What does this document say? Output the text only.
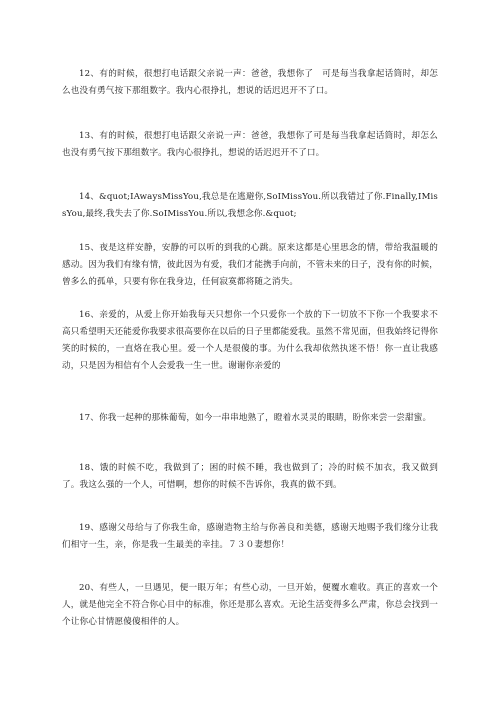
12、有的时候，很想打电话跟父亲说一声：爸爸，我想你了　可是每当我拿起话筒时，却怎么也没有勇气按下那组数字。我内心很挣扎，想说的话迟迟开不了口。

13、有的时候，很想打电话跟父亲说一声：爸爸，我想你了可是每当我拿起话筒时，却怎么也没有勇气按下那组数字。我内心很挣扎，想说的话迟迟开不了口。

14、&quot;IAwaysMissYou,我总是在逃避你,SoIMissYou.所以我错过了你.Finally,IMissYou,最终,我失去了你.SoIMissYou.所以,我想念你.&quot;

15、夜是这样安静，安静的可以听的到我的心跳。原来这都是心里思念的情，带给我温暖的感动。因为我们有缘有情，彼此因为有爱，我们才能携手向前，不管未来的日子，没有你的时候，曾多么的孤单，只要有你在我身边，任何寂寞都将随之消失。

16、亲爱的，从爱上你开始我每天只想你一个只爱你一个放的下一切放不下你一个我要求不高只希望明天还能爱你我要求很高要你在以后的日子里都能爱我。虽然不常见面，但我始终记得你笑的时候的，一直烙在我心里。爱一个人是很傻的事。为什么我却依然执迷不悟！你一直让我感动，只是因为相信有个人会爱我一生一世。谢谢你亲爱的

17、你我一起种的那株葡萄，如今一串串地熟了，瞪着水灵灵的眼睛，盼你来尝一尝甜蜜。

18、饿的时候不吃，我做到了；困的时候不睡，我也做到了；冷的时候不加衣，我又做到了。我这么强的一个人，可惜啊，想你的时候不告诉你，我真的做不到。

19、感谢父母给与了你我生命，感谢造物主给与你善良和美德，感谢天地赐予我们缘分让我们相守一生，亲，你是我一生最美的幸挂。７３０妻想你！

20、有些人，一旦遇见，便一眼万年；有些心动，一旦开始，便覆水难收。真正的喜欢一个人，就是他完全不符合你心目中的标准，你还是那么喜欢。无论生活变得多么严肃，你总会找到一个让你心甘情愿傻傻相伴的人。
